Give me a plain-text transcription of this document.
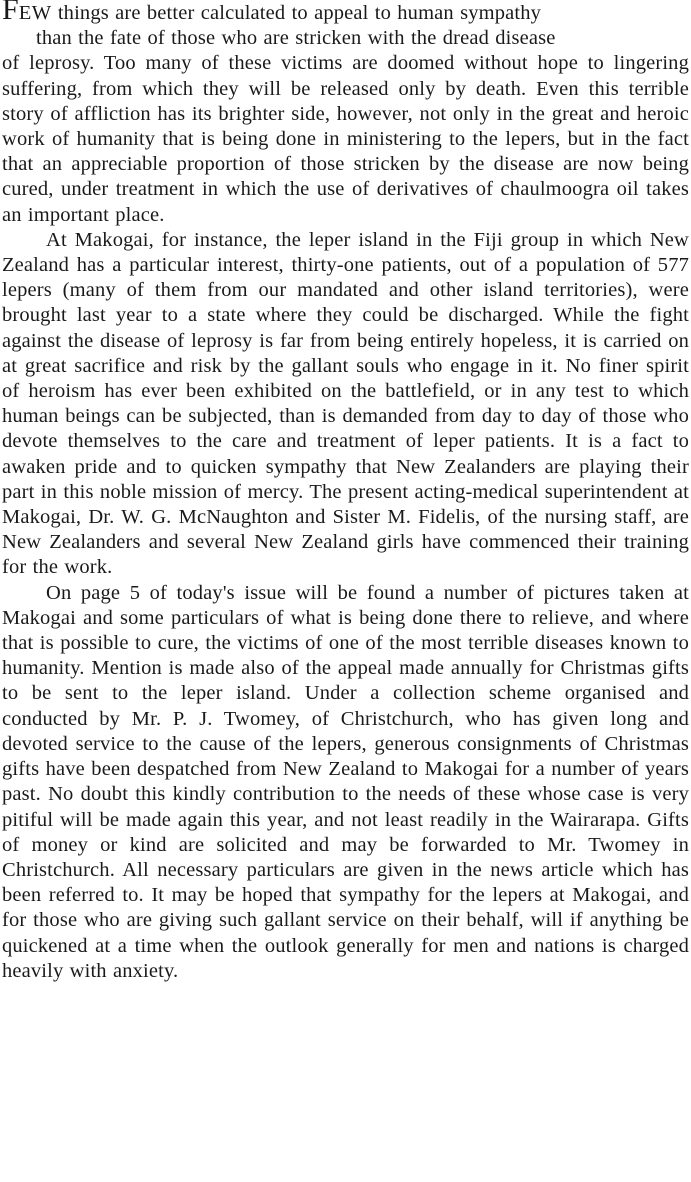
FEW things are better calculated to appeal to human sympathy
than the fate of those who are stricken with the dread disease
of leprosy. Too many of these victims are doomed without hope to lingering suffering, from which they will be released only by death. Even this terrible story of affliction has its brighter side, however, not only in the great and heroic work of humanity that is being done in ministering to the lepers, but in the fact that an appreciable proportion of those stricken by the disease are now being cured, under treatment in which the use of derivatives of chaulmoogra oil takes an important place.

At Makogai, for instance, the leper island in the Fiji group in which New Zealand has a particular interest, thirty-one patients, out of a population of 577 lepers (many of them from our mandated and other island territories), were brought last year to a state where they could be discharged. While the fight against the disease of leprosy is far from being entirely hopeless, it is carried on at great sacrifice and risk by the gallant souls who engage in it. No finer spirit of heroism has ever been exhibited on the battlefield, or in any test to which human beings can be subjected, than is demanded from day to day of those who devote themselves to the care and treatment of leper patients. It is a fact to awaken pride and to quicken sympathy that New Zealanders are playing their part in this noble mission of mercy. The present acting-medical superintendent at Makogai, Dr. W. G. McNaughton and Sister M. Fidelis, of the nursing staff, are New Zealanders and several New Zealand girls have commenced their training for the work.

On page 5 of today's issue will be found a number of pictures taken at Makogai and some particulars of what is being done there to relieve, and where that is possible to cure, the victims of one of the most terrible diseases known to humanity. Mention is made also of the appeal made annually for Christmas gifts to be sent to the leper island. Under a collection scheme organised and conducted by Mr. P. J. Twomey, of Christchurch, who has given long and devoted service to the cause of the lepers, generous consignments of Christmas gifts have been despatched from New Zealand to Makogai for a number of years past. No doubt this kindly contribution to the needs of these whose case is very pitiful will be made again this year, and not least readily in the Wairarapa. Gifts of money or kind are solicited and may be forwarded to Mr. Twomey in Christchurch. All necessary particulars are given in the news article which has been referred to. It may be hoped that sympathy for the lepers at Makogai, and for those who are giving such gallant service on their behalf, will if anything be quickened at a time when the outlook generally for men and nations is charged heavily with anxiety.
